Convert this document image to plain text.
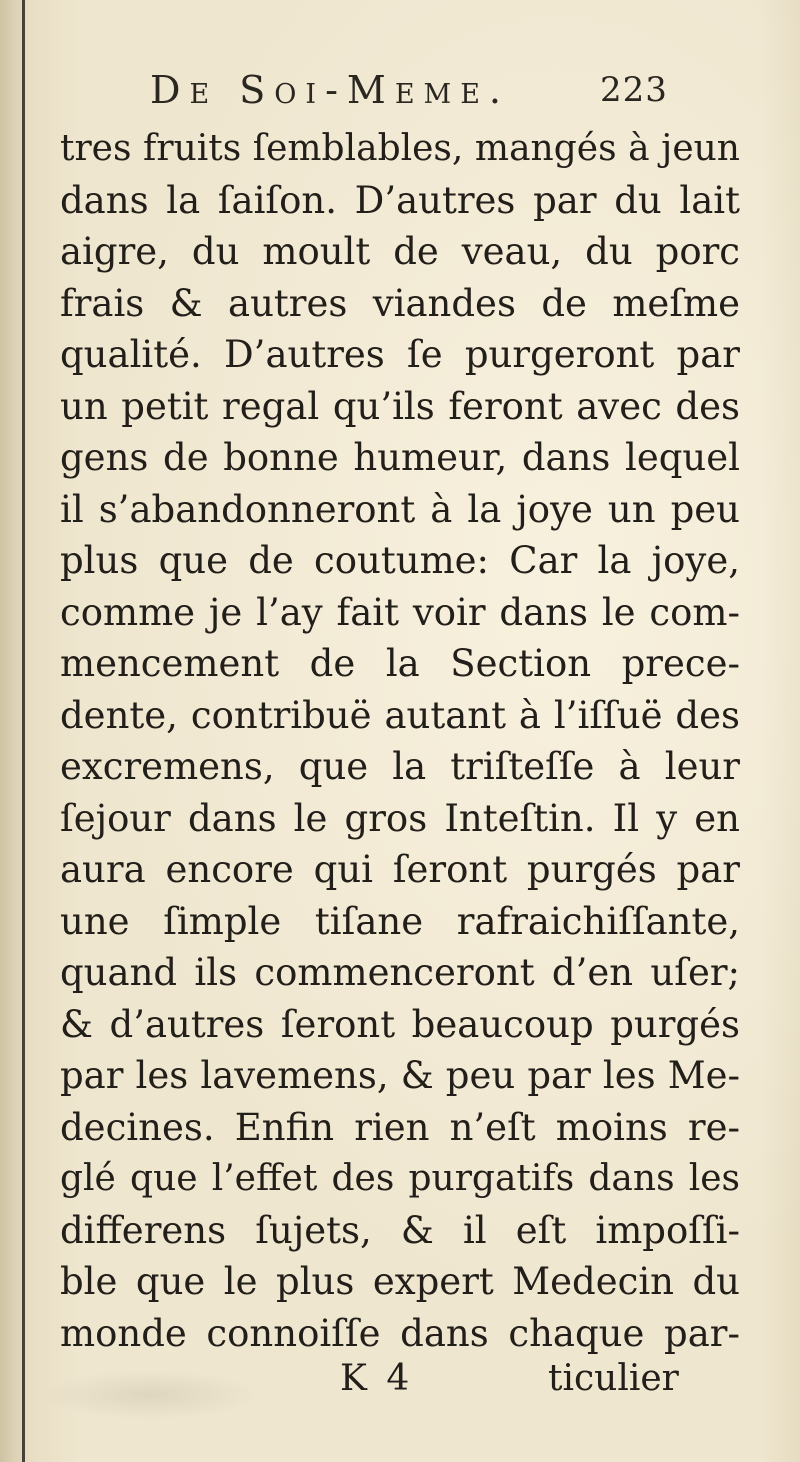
De Soi-Meme.	223
tres fruits ſemblables, mangés à jeun
dans la ſaiſon. D’autres par du lait
aigre, du moult de veau, du porc
frais & autres viandes de meſme
qualité. D’autres ſe purgeront par
un petit regal qu’ils feront avec des
gens de bonne humeur, dans lequel
il s’abandonneront à la joye un peu
plus que de coutume: Car la joye,
comme je l’ay fait voir dans le com-
mencement de la Section prece-
dente, contribuë autant à l’iſſuë des
excremens, que la triſteſſe à leur
ſejour dans le gros Inteſtin. Il y en
aura encore qui ſeront purgés par
une ſimple tiſane rafraichiſſante,
quand ils commenceront d’en uſer;
& d’autres ſeront beaucoup purgés
par les lavemens, & peu par les Me-
decines. Enfin rien n’eſt moins re-
glé que l’effet des purgatifs dans les
differens ſujets, & il eſt impoſſi-
ble que le plus expert Medecin du
monde connoiſſe dans chaque par-
K 4	ticulier
